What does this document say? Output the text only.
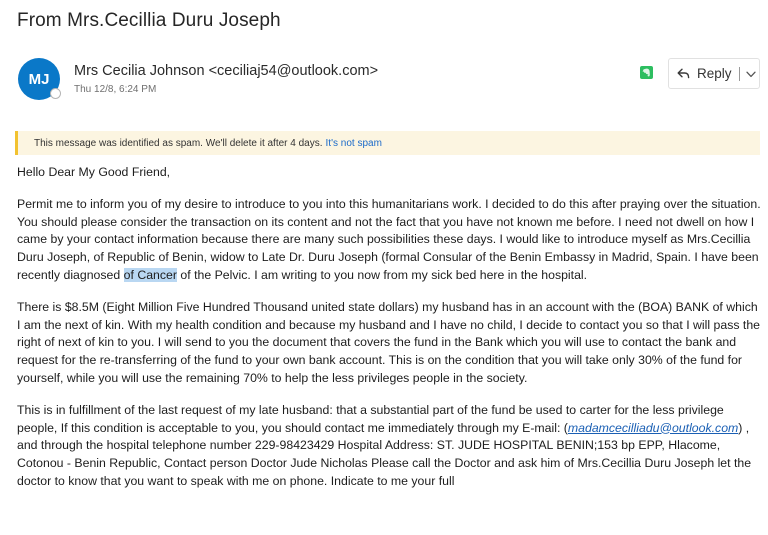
From Mrs.Cecillia Duru Joseph
MJ Mrs Cecilia Johnson <ceciliaj54@outlook.com>
Thu 12/8, 6:24 PM
Reply
This message was identified as spam. We'll delete it after 4 days. It's not spam

Hello Dear My Good Friend,

Permit me to inform you of my desire to introduce to you into this humanitarians work. I decided to do this after praying over the situation. You should please consider the transaction on its content and not the fact that you have not known me before. I need not dwell on how I came by your contact information because there are many such possibilities these days. I would like to introduce myself as Mrs.Cecillia Duru Joseph, of Republic of Benin, widow to Late Dr. Duru Joseph (formal Consular of the Benin Embassy in Madrid, Spain. I have been recently diagnosed of Cancer of the Pelvic. I am writing to you now from my sick bed here in the hospital.

There is $8.5M (Eight Million Five Hundred Thousand united state dollars) my husband has in an account with the (BOA) BANK of which I am the next of kin. With my health condition and because my husband and I have no child, I decide to contact you so that I will pass the right of next of kin to you. I will send to you the document that covers the fund in the Bank which you will use to contact the bank and request for the re-transferring of the fund to your own bank account. This is on the condition that you will take only 30% of the fund for yourself, while you will use the remaining 70% to help the less privileges people in the society.

This is in fulfillment of the last request of my late husband: that a substantial part of the fund be used to carter for the less privilege people, If this condition is acceptable to you, you should contact me immediately through my E-mail: (madamcecilliadu@outlook.com) , and through the hospital telephone number 229-98423429 Hospital Address: ST. JUDE HOSPITAL BENIN;153 bp EPP, Hlacome, Cotonou - Benin Republic, Contact person Doctor Jude Nicholas Please call the Doctor and ask him of Mrs.Cecillia Duru Joseph let the doctor to know that you want to speak with me on phone. Indicate to me your full
